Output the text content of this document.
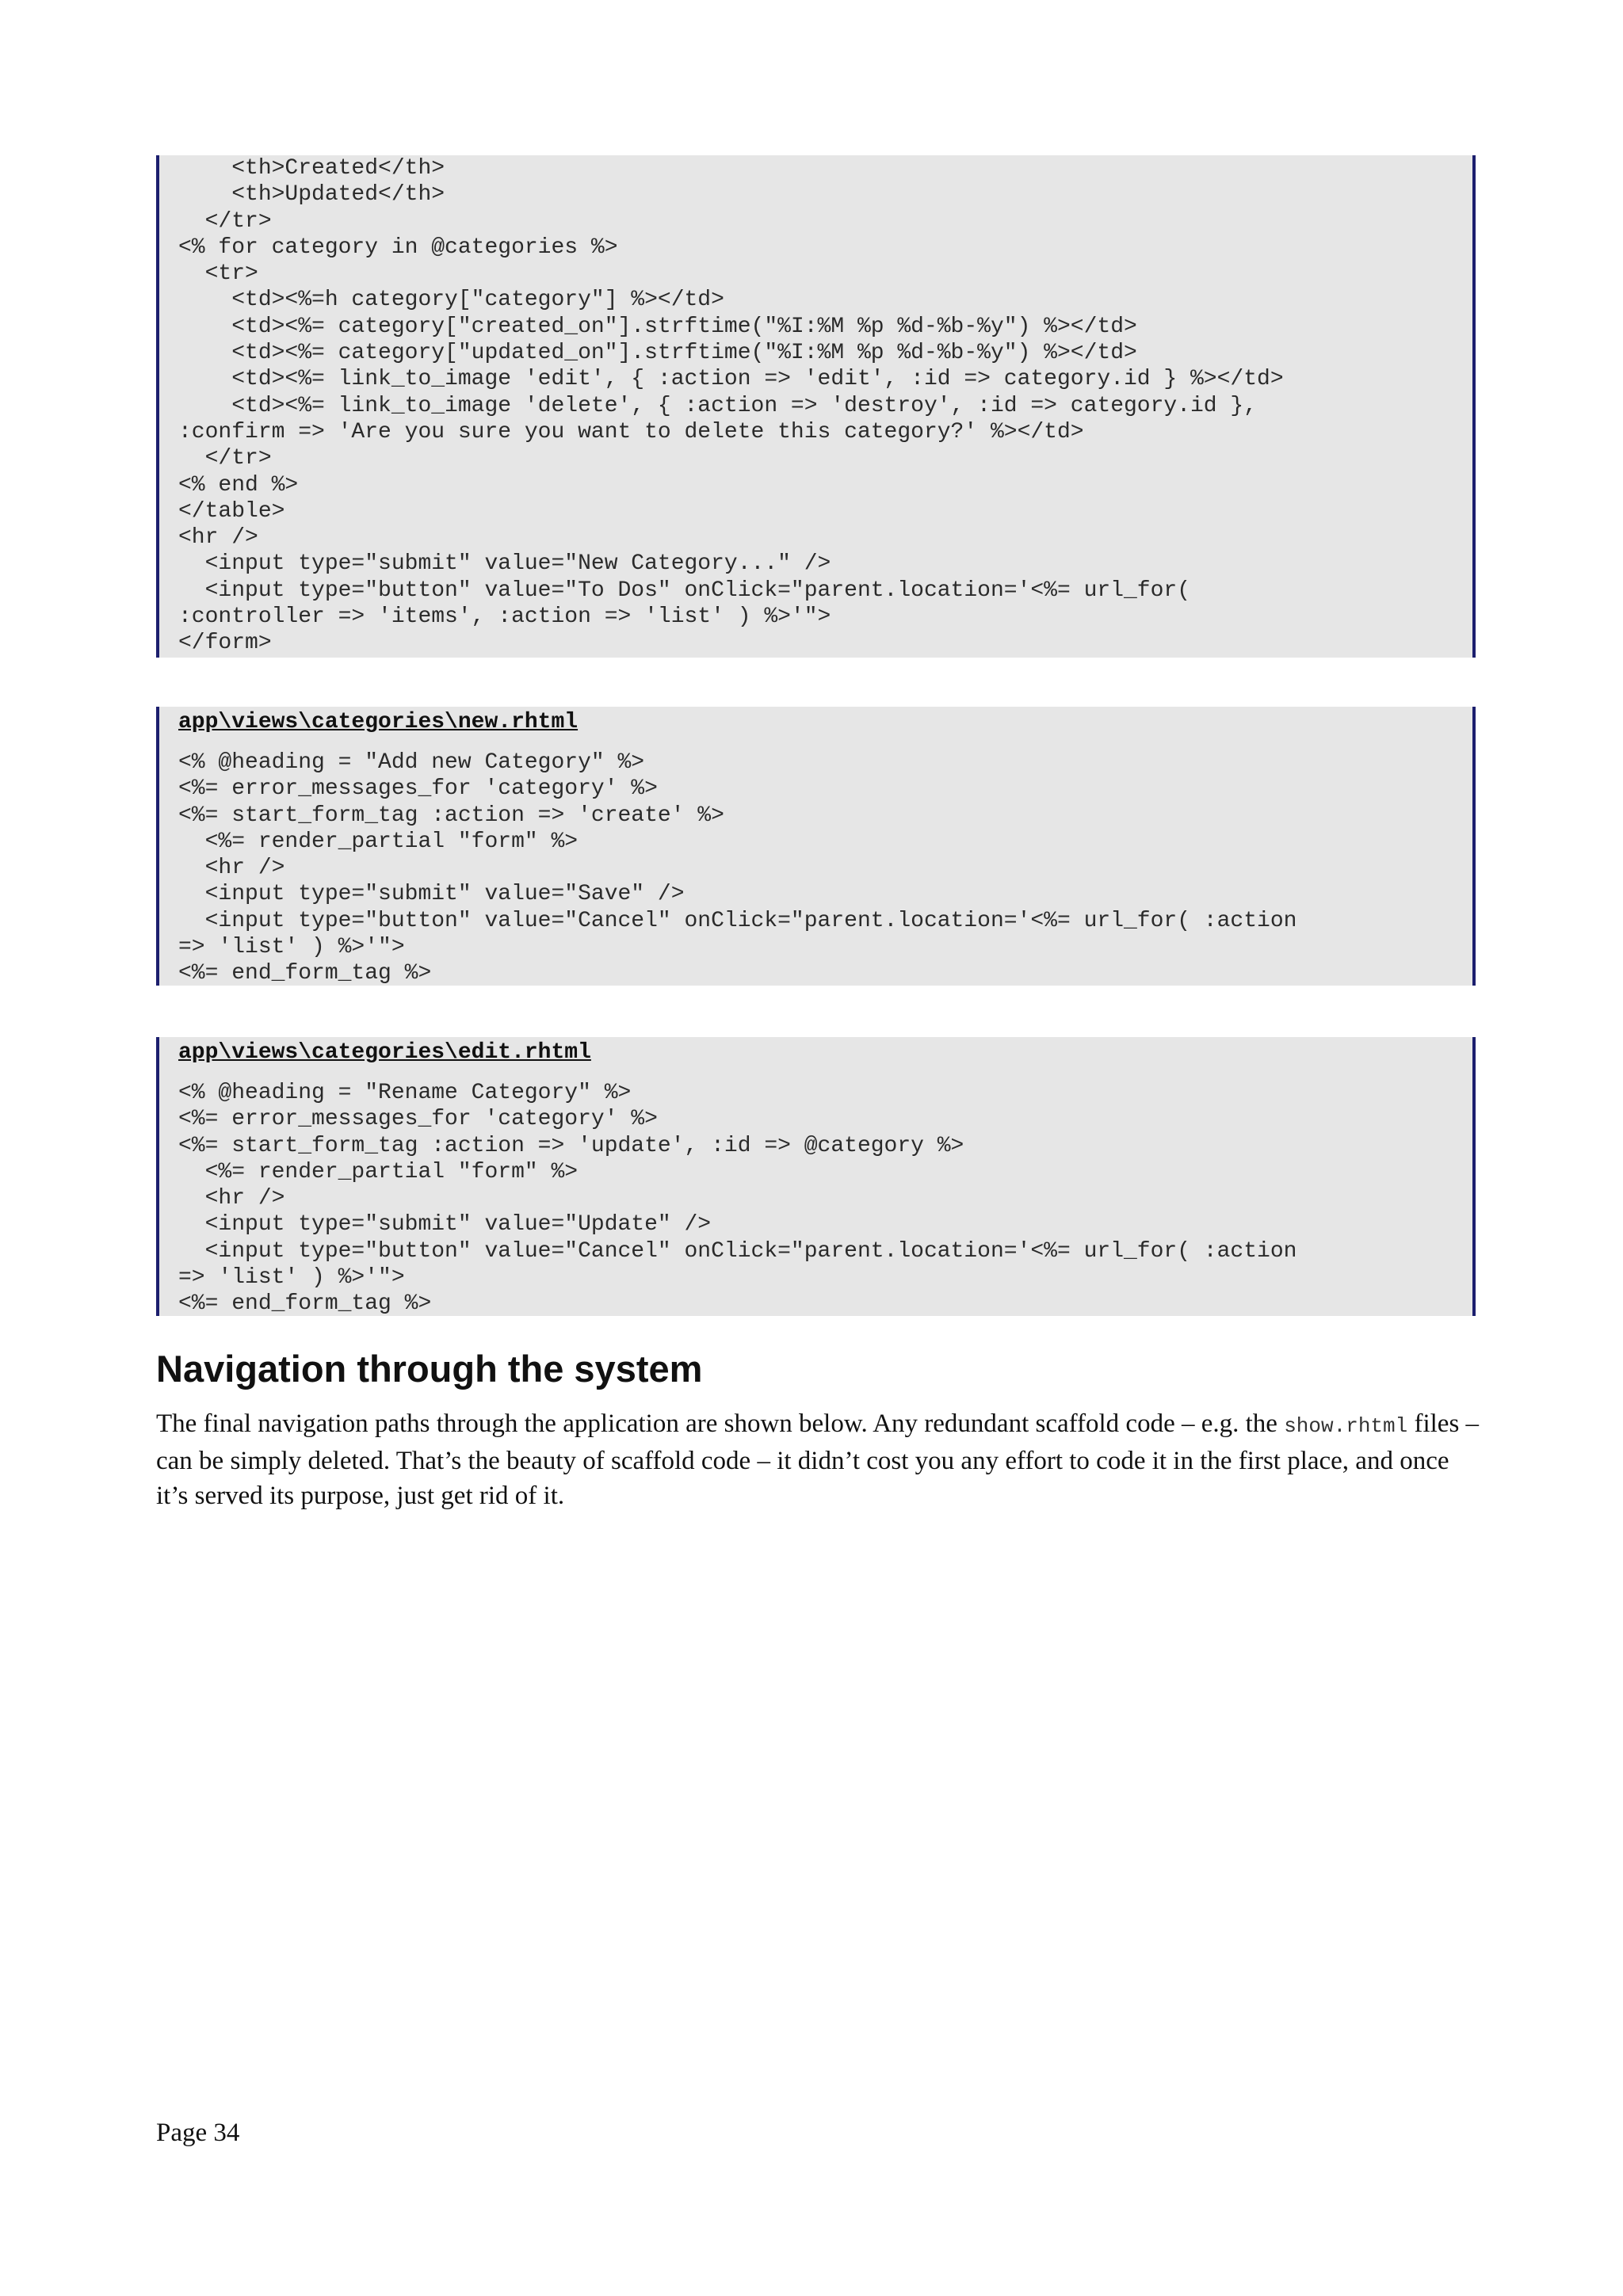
<th>Created</th>
<th>Updated</th>
</tr>
<% for category in @categories %>
<tr>
<td><%=h category["category"] %></td>
<td><%= category["created_on"].strftime("%I:%M %p %d-%b-%y") %></td>
<td><%= category["updated_on"].strftime("%I:%M %p %d-%b-%y") %></td>
<td><%= link_to_image 'edit', { :action => 'edit', :id => category.id } %></td>
<td><%= link_to_image 'delete', { :action => 'destroy', :id => category.id },
:confirm => 'Are you sure you want to delete this category?' %></td>
</tr>
<% end %>
</table>
<hr />
<input type="submit" value="New Category..." />
<input type="button" value="To Dos" onClick="parent.location='<%= url_for(
:controller => 'items', :action => 'list' ) %>'">
</form>
app\views\categories\new.rhtml
<% @heading = "Add new Category" %>
<%= error_messages_for 'category' %>
<%= start_form_tag :action => 'create' %>
<%= render_partial "form" %>
<hr />
<input type="submit" value="Save" />
<input type="button" value="Cancel" onClick="parent.location='<%= url_for( :action
=> 'list' ) %>'">
<%= end_form_tag %>
app\views\categories\edit.rhtml
<% @heading = "Rename Category" %>
<%= error_messages_for 'category' %>
<%= start_form_tag :action => 'update', :id => @category %>
<%= render_partial "form" %>
<hr />
<input type="submit" value="Update" />
<input type="button" value="Cancel" onClick="parent.location='<%= url_for( :action
=> 'list' ) %>'">
<%= end_form_tag %>
Navigation through the system

The final navigation paths through the application are shown below. Any redundant scaffold code – e.g. the show.rhtml files – can be simply deleted. That’s the beauty of scaffold code – it didn’t cost you any effort to code it in the first place, and once it’s served its purpose, just get rid of it.

Page 34
